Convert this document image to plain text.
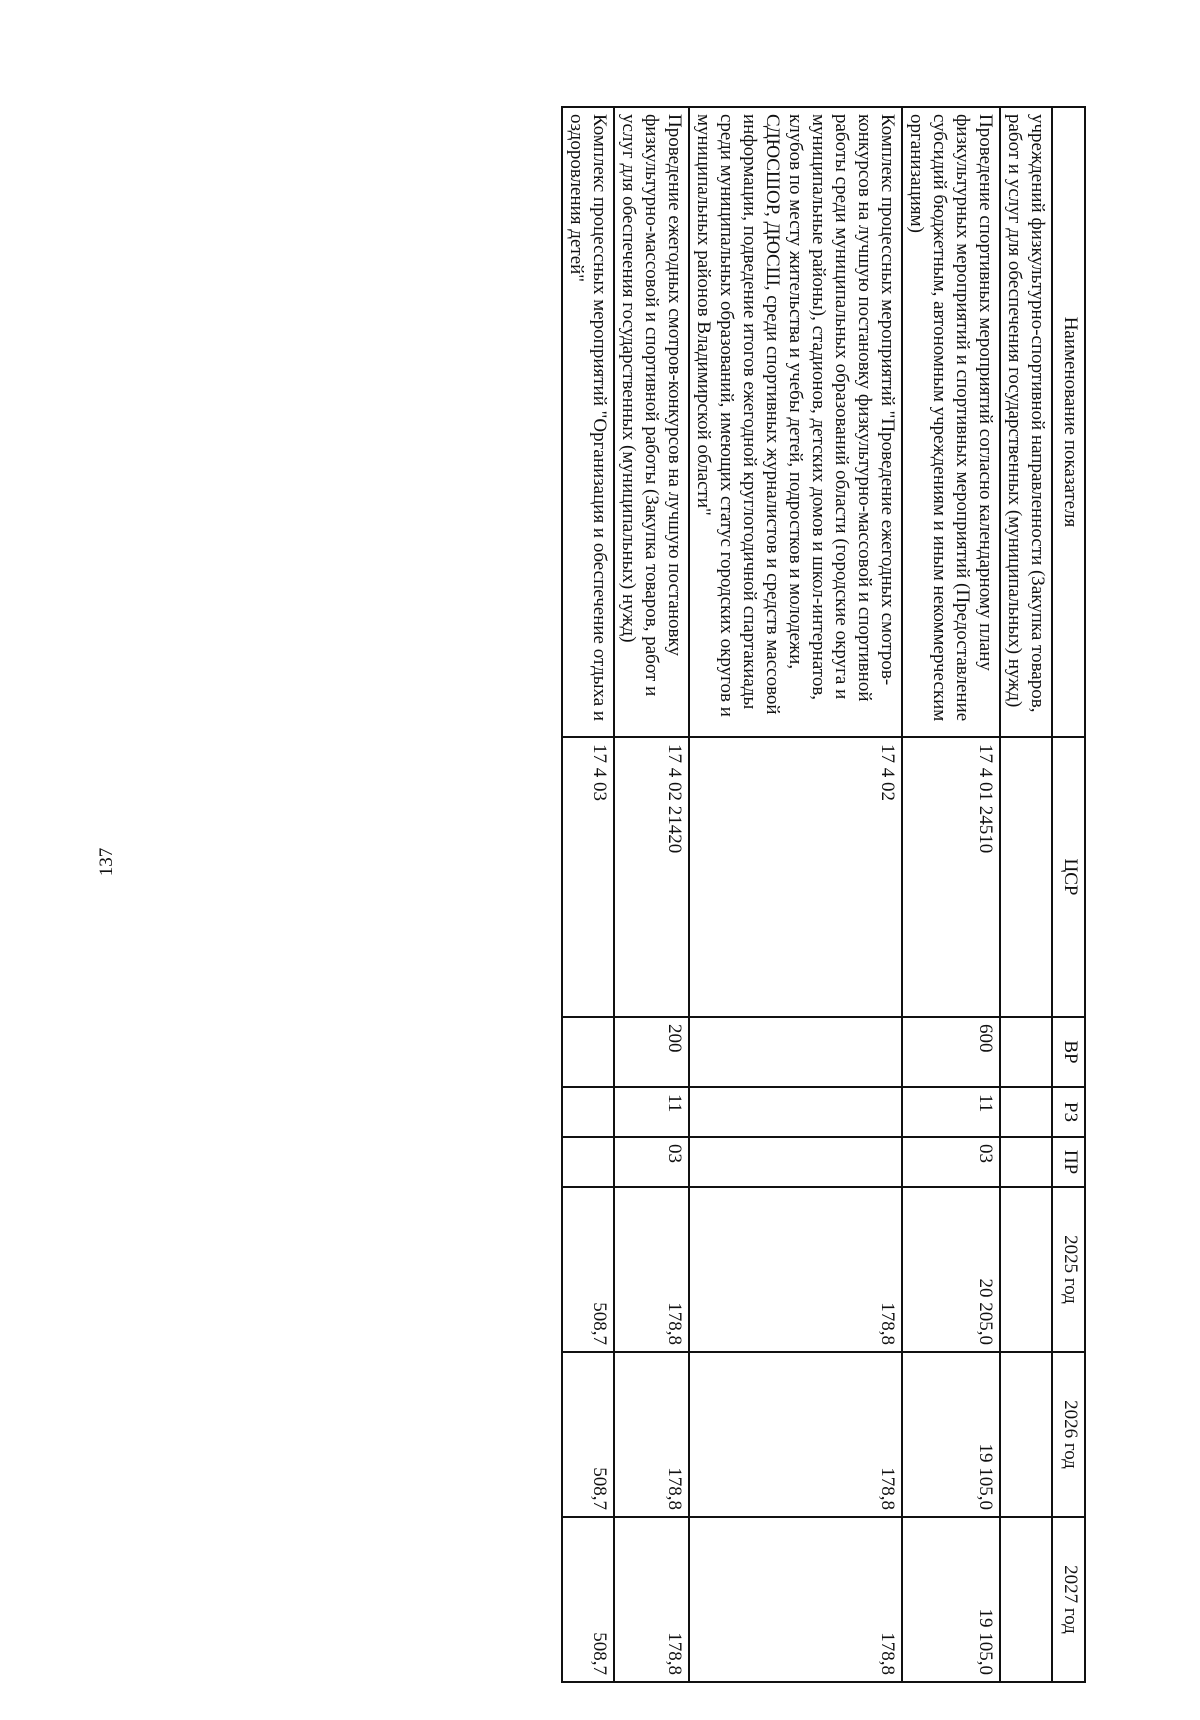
137
Наименование показателя	ЦСР	ВР	РЗ	ПР	2025 год	2026 год	2027 год
учреждений физкультурно-спортивной направленности (Закупка товаров, работ и услуг для обеспечения государственных (муниципальных) нужд)							
Проведение спортивных мероприятий согласно календарному плану физкультурных мероприятий и спортивных мероприятий (Предоставление субсидий бюджетным, автономным учреждениям и иным некоммерческим организациям)	17 4 01 24510	600	11	03	20 205,0	19 105,0	19 105,0
Комплекс процессных мероприятий "Проведение ежегодных смотров-конкурсов на лучшую постановку физкультурно-массовой и спортивной работы среди муниципальных образований области (городские округа и муниципальные районы), стадионов, детских домов и школ-интернатов, клубов по месту жительства и учебы детей, подростков и молодежи, СДЮСШОР, ДЮСШ, среди спортивных журналистов и средств массовой информации, подведение итогов ежегодной круглогодичной спартакиады среди муниципальных образований, имеющих статус городских округов и муниципальных районов Владимирской области"	17 4 02				178,8	178,8	178,8
Проведение ежегодных смотров-конкурсов на лучшую постановку физкультурно-массовой и спортивной работы (Закупка товаров, работ и услуг для обеспечения государственных (муниципальных) нужд)	17 4 02 21420	200	11	03	178,8	178,8	178,8
Комплекс процессных мероприятий "Организация и обеспечение отдыха и оздоровления детей"	17 4 03				508,7	508,7	508,7
